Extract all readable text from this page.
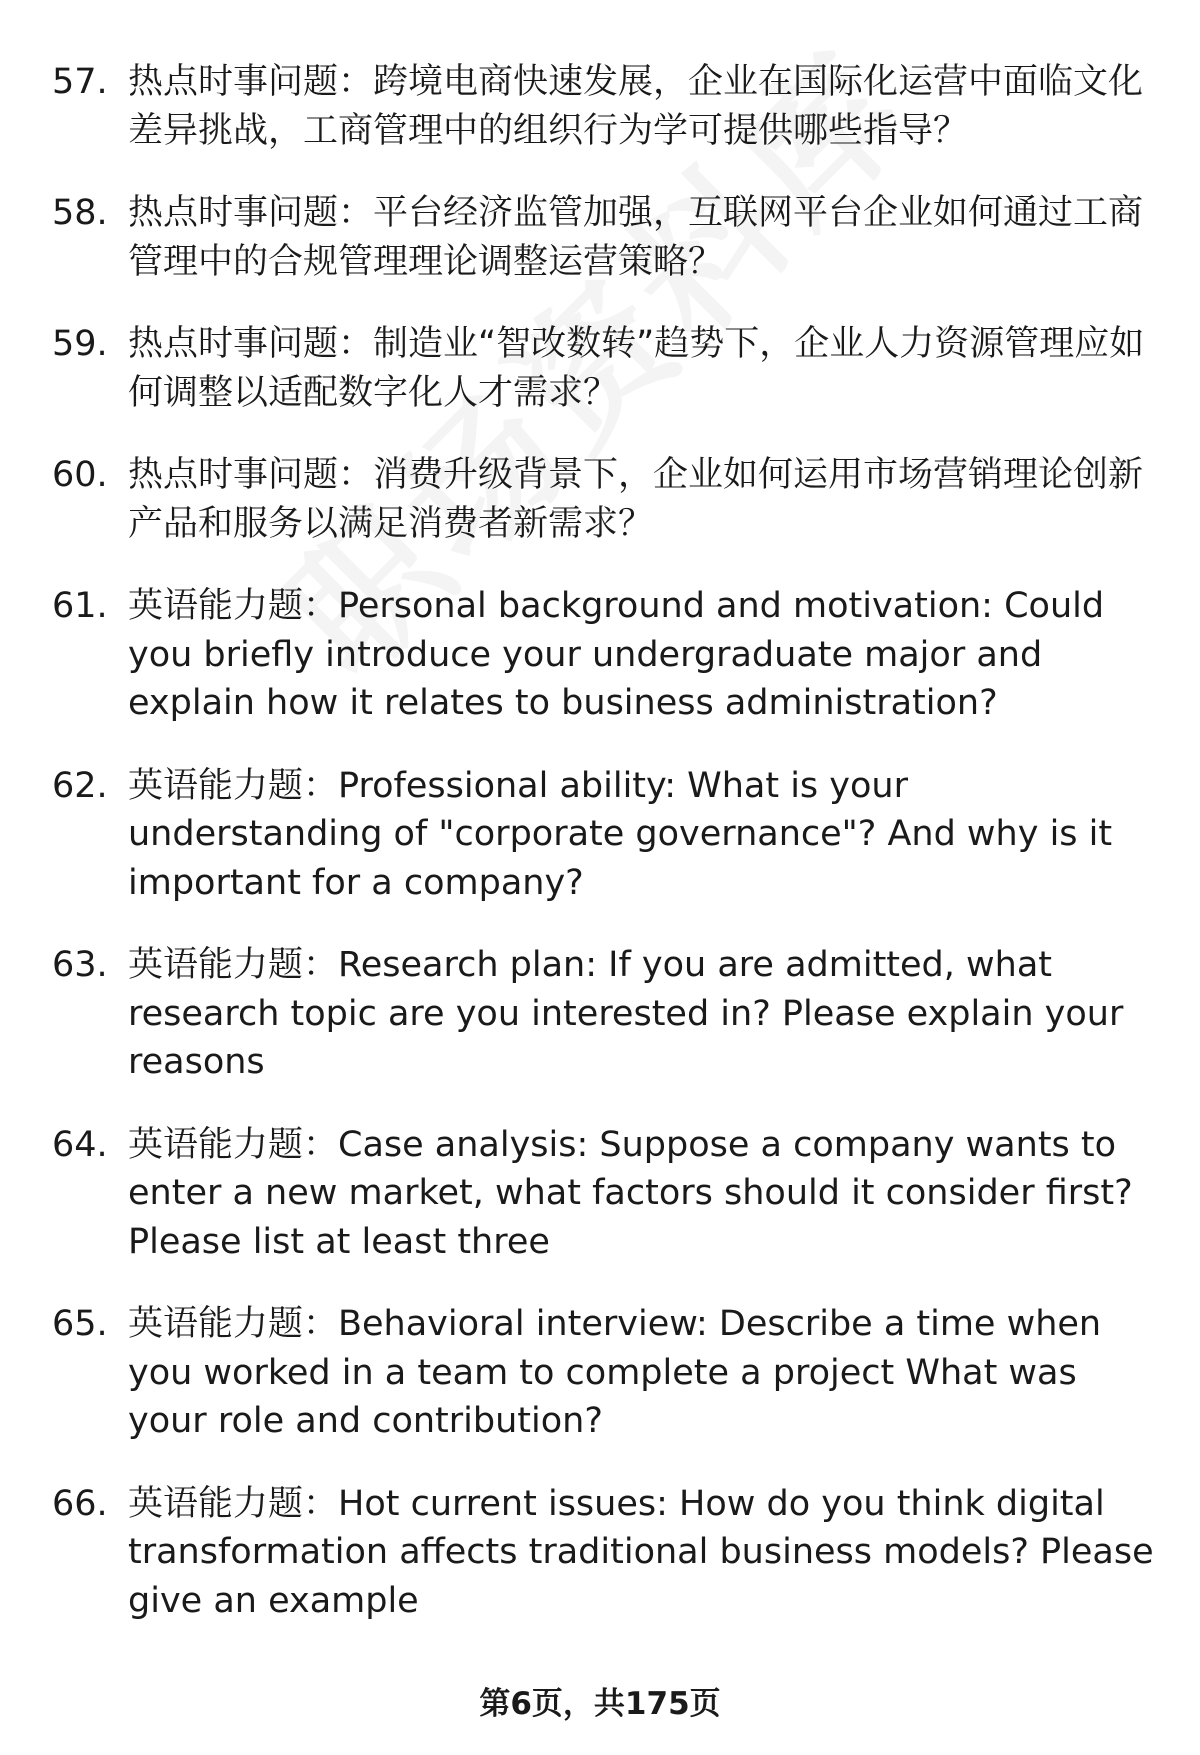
57. 热点时事问题：跨境电商快速发展，企业在国际化运营中面临文化差异挑战，工商管理中的组织行为学可提供哪些指导？
58. 热点时事问题：平台经济监管加强，互联网平台企业如何通过工商管理中的合规管理理论调整运营策略？
59. 热点时事问题：制造业“智改数转”趋势下，企业人力资源管理应如何调整以适配数字化人才需求？
60. 热点时事问题：消费升级背景下，企业如何运用市场营销理论创新产品和服务以满足消费者新需求？
61. 英语能力题：Personal background and motivation: Could you briefly introduce your undergraduate major and explain how it relates to business administration?
62. 英语能力题：Professional ability: What is your understanding of "corporate governance"? And why is it important for a company?
63. 英语能力题：Research plan: If you are admitted, what research topic are you interested in? Please explain your reasons
64. 英语能力题：Case analysis: Suppose a company wants to enter a new market, what factors should it consider first? Please list at least three
65. 英语能力题：Behavioral interview: Describe a time when you worked in a team to complete a project What was your role and contribution?
66. 英语能力题：Hot current issues: How do you think digital transformation affects traditional business models? Please give an example
第6页，共175页
